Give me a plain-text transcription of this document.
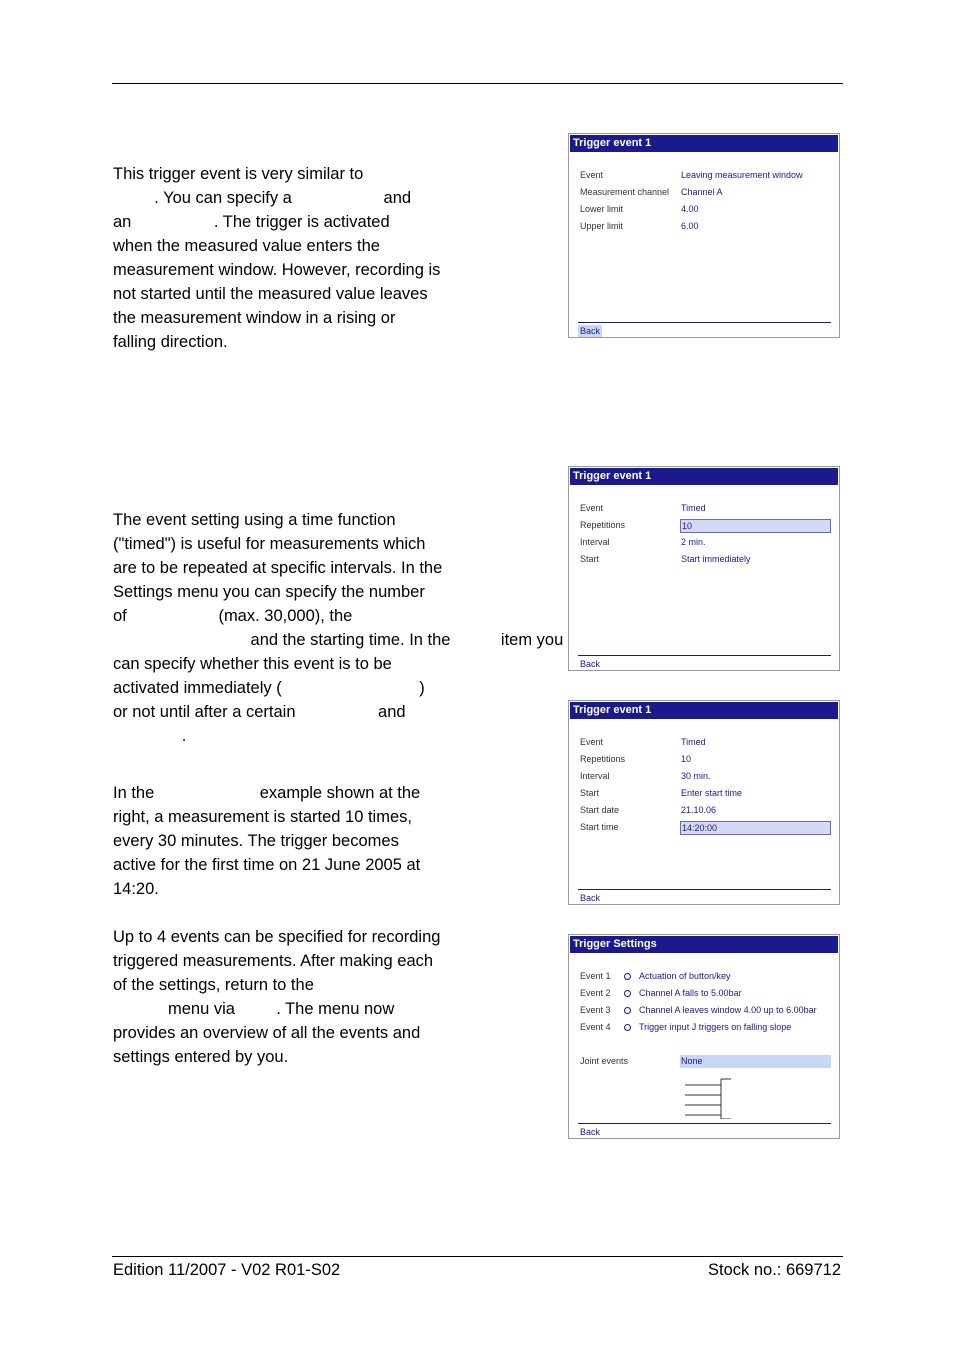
This trigger event is very similar to
. You can specify a                    and
an                  . The trigger is activated
when the measured value enters the
measurement window. However, recording is
not started until the measured value leaves
the measurement window in a rising or
falling direction.
The event setting using a time function
("timed") is useful for measurements which
are to be repeated at specific intervals. In the
Settings menu you can specify the number
of                    (max. 30,000), the
and the starting time. In the           item you
can specify whether this event is to be
activated immediately (                              )
or not until after a certain                  and
.
In the                       example shown at the
right, a measurement is started 10 times,
every 30 minutes. The trigger becomes
active for the first time on 21 June 2005 at
14:20.
Up to 4 events can be specified for recording
triggered measurements. After making each
of the settings, return to the
menu via         . The menu now
provides an overview of all the events and
settings entered by you.
Trigger event 1
Event	Leaving measurement window
Measurement channel Channel A
Lower limit	4.00
Upper limit	6.00
Back
Trigger event 1
Event	Timed
Repetitions	10
Interval	2 min.
Start	Start immediately
Back
Trigger event 1
Event	Timed
Repetitions	10
Interval	30 min.
Start	Enter start time
Start date	21.10.06
Start time	14:20:00
Back
Trigger Settings
Event 1	Actuation of button/key
Event 2	Channel A falls to 5.00bar
Event 3	Channel A leaves window 4.00 up to 6.00bar
Event 4	Trigger input J triggers on falling slope
Joint events	None
Back
Edition 11/2007 - V02 R01-S02	Stock no.: 669712
